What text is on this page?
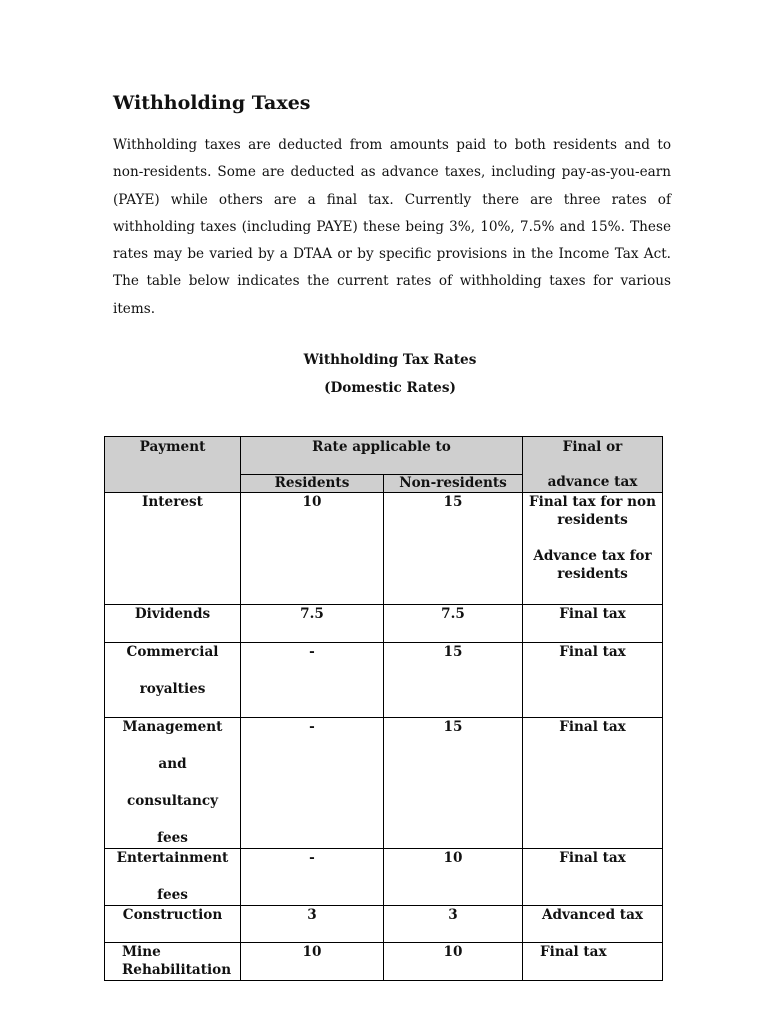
Withholding Taxes

Withholding taxes are deducted from amounts paid to both residents and to non-residents. Some are deducted as advance taxes, including pay-as-you-earn (PAYE) while others are a final tax. Currently there are three rates of withholding taxes (including PAYE) these being 3%, 10%, 7.5% and 15%. These rates may be varied by a DTAA or by specific provisions in the Income Tax Act. The table below indicates the current rates of withholding taxes for various items.

Withholding Tax Rates

(Domestic Rates)

Payment	Rate applicable to		Final or
advance tax

	Residents	Non-residents	

Interest	10	15	Final tax for non residents
Advance tax for residents

Dividends	7.5	7.5	Final tax

Commercial
royalties	-	15	Final tax

Management
and
consultancy
fees	-	15	Final tax

Entertainment
fees	-	10	Final tax

Construction	3	3	Advanced tax

Mine
Rehabilitation	10	10	Final tax
